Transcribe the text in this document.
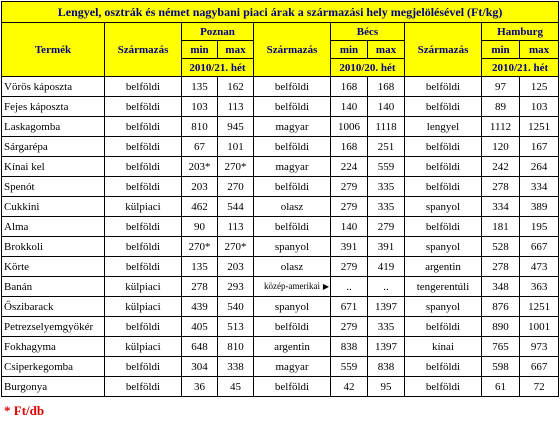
Lengyel, osztrák és német nagybani piaci árak a származási hely megjelölésével (Ft/kg)									
Termék	Származás	Poznan		Származás	Bécs		Származás	Hamburg	
		min	max		min	max		min	max
		2010/21. hét			2010/20. hét			2010/21. hét	
Vörös káposzta	belföldi	135	162	belföldi	168	168	belföldi	97	125
Fejes káposzta	belföldi	103	113	belföldi	140	140	belföldi	89	103
Laskagomba	belföldi	810	945	magyar	1006	1118	lengyel	1112	1251
Sárgarépa	belföldi	67	101	belföldi	168	251	belföldi	120	167
Kínai kel	belföldi	203*	270*	magyar	224	559	belföldi	242	264
Spenót	belföldi	203	270	belföldi	279	335	belföldi	278	334
Cukkini	külpiaci	462	544	olasz	279	335	spanyol	334	389
Alma	belföldi	90	113	belföldi	140	279	belföldi	181	195
Brokkoli	belföldi	270*	270*	spanyol	391	391	spanyol	528	667
Körte	belföldi	135	203	olasz	279	419	argentin	278	473
Banán	külpiaci	278	293	közép-amerikai ▶	..	..	tengerentúli	348	363
Őszibarack	külpiaci	439	540	spanyol	671	1397	spanyol	876	1251
Petrezselyemgyökér	belföldi	405	513	belföldi	279	335	belföldi	890	1001
Fokhagyma	külpiaci	648	810	argentin	838	1397	kínai	765	973
Csiperkegomba	belföldi	304	338	magyar	559	838	belföldi	598	667
Burgonya	belföldi	36	45	belföldi	42	95	belföldi	61	72
* Ft/db
